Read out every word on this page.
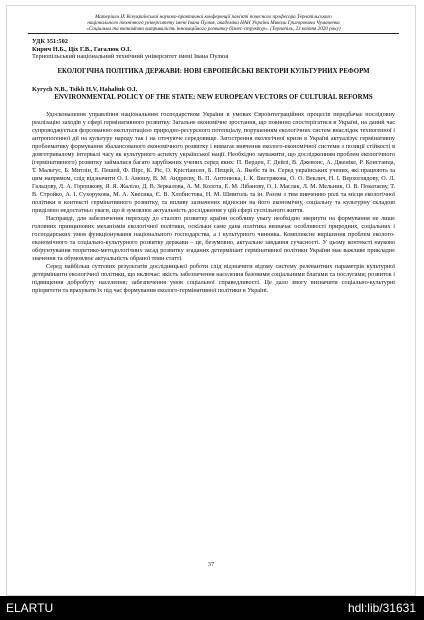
Матеріали IX Всеукраїнської науково-практичної конференції пам'яті почесного професора Тернопільського
національного технічного університету імені Івана Пулюя, академіка НАН України Миколи Григоровича Чумаченка
«Соціальна та економічна витривалість інноваційного розвитку бізнес-структур». (Тернопіль, 23 квітня 2020 року)
УДК 351:502
Кирич Н.Б., Ціх Г.В., Гагалюк О.І.
Тернопільський національний технічний університет імені Івана Пулюя
ЕКОЛОГІЧНА ПОЛІТИКА ДЕРЖАВИ: НОВІ ЄВРОПЕЙСЬКІ ВЕКТОРИ КУЛЬТУРНИХ РЕФОРМ
Kyrych N.B., Tsikh H.V, Hahaliuk O.I.
ENVIRONMENTAL POLICY OF THE STATE: NEW EUROPEAN VECTORS OF CULTURAL REFORMS

Удосконалення управління національним господарством України в умовах Євроінтеграційних процесів передбачає послідовну реалізацію заходів у сфері гермінативного розвитку. Загальне економічне зростання, що повинно спостерігатися в Україні, на даний час супроводжується форсованою експлуатацією природно-ресурсного потенціалу, порушенням екологічних систем внаслідок техногенної і антропогенної дії на культуру народу так і на оточуюче середовище. Загострення екологічної кризи в Україні актуалізує гермінативну проблематику формування збалансованого економічного розвитку і вимагає вивчення еколого-економічної системи з позиції стійкості в довготривалому інтервалі часу як культурного аспекту української нації. Необхідно зауважити, що дослідженням проблем екологічного (гермінативного) розвитку займалися багато зарубіжних учених серед яких: П. Верден, Г. Дейлі, В. Джевонс, А. Дженіке, Р. Констанца, Т. Мальтус, Б. Митлін, Е. Пешей, Ф. Пірс, К. Ріс, О. Крістіансен, Б. Пещей, А. Якобс та ін. Серед українських учених, які працюють за цим напрямом, слід відзначити О. І. Амошу, В. М. Андреєву, В. П. Антонюка, І. К. Бистрякова, О. О. Веклич, Н. І. Верхоглядову, О. Л. Гальцову, Л. А. Горошкову, Я. Я. Жаліло, Д. В. Зеркалова, А. М. Колота, Е. М. Лібанову, О. І. Маслак, Л. М. Мельник, О. В. Покатаєву, Т. В. Стройко, А. І. Сухорукова, М. А. Хвесика, Є. В. Хлобистова, Н. М. Шмиголь та ін. Разом з тим вивченню ролі та місця екологічної політики в контексті гермінативного розвитку, та впливу зазначених відносин на його економічну, соціальну та культурну складові приділено недостатньо уваги, що й зумовлює актуальність дослідження у цій сфері суспільного життя.

Насправді, для забезпечення переходу до сталого розвитку країни особливу увагу необхідно звернути на формування не лише головних принципових механізмів екологічної політики, оскільки саме дана політика визначає особливості природних, соціальних і господарських умов функціонування національного господарства, а і культурного чинника. Комплексне вирішення проблем еколого-економічного та соціально-культурного розвитку держави – це, безумовно, актуальне завдання сучасності. У цьому контексті науково обґрунтування теоретико-методологічних засад розвитку згаданих детермінант гермінативної політики України має важливе прикладне значення та обумовлює актуальність обраної теми статті.

Серед найбільш суттєвих результатів дослідницької роботи слід відзначити відому систему релевантних параметрів культурної детермінанти екологічної політики, що включає: якість забезпечення населення базовими соціальними благами та послугами; розвиток і підвищення добробуту населення; забезпечення умов соціальної справедливості. Це дало змогу визначити соціально-культурні пріоритети та врахувати їх під час формування еколого-гермінативної політики в Україні.

37
ELARTU	hdl:lib/31631
